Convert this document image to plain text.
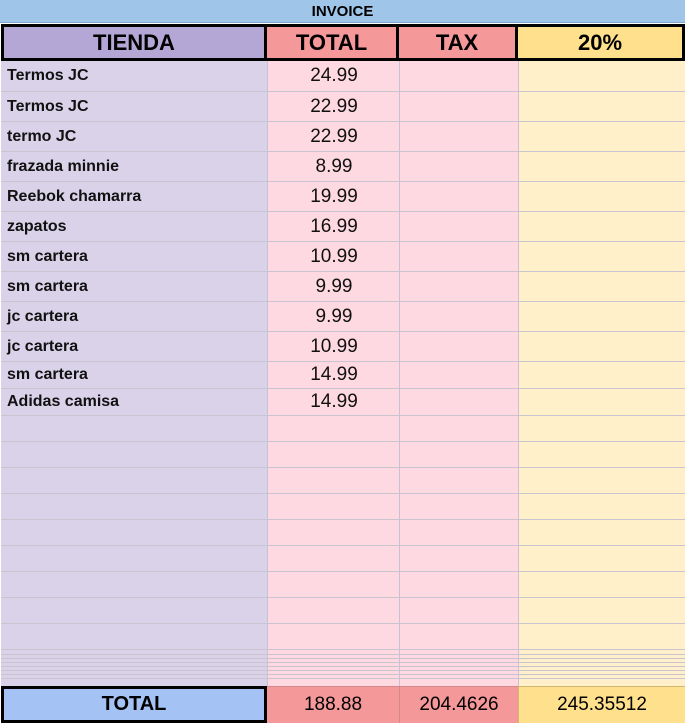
INVOICE
TIENDA	TOTAL	TAX	20%
Termos JC	24.99
Termos JC	22.99
termo JC	22.99
frazada minnie	8.99
Reebok chamarra	19.99
zapatos	16.99
sm cartera	10.99
sm cartera	9.99
jc cartera	9.99
jc cartera	10.99
sm cartera	14.99
Adidas camisa	14.99
TOTAL	188.88	204.4626	245.35512
